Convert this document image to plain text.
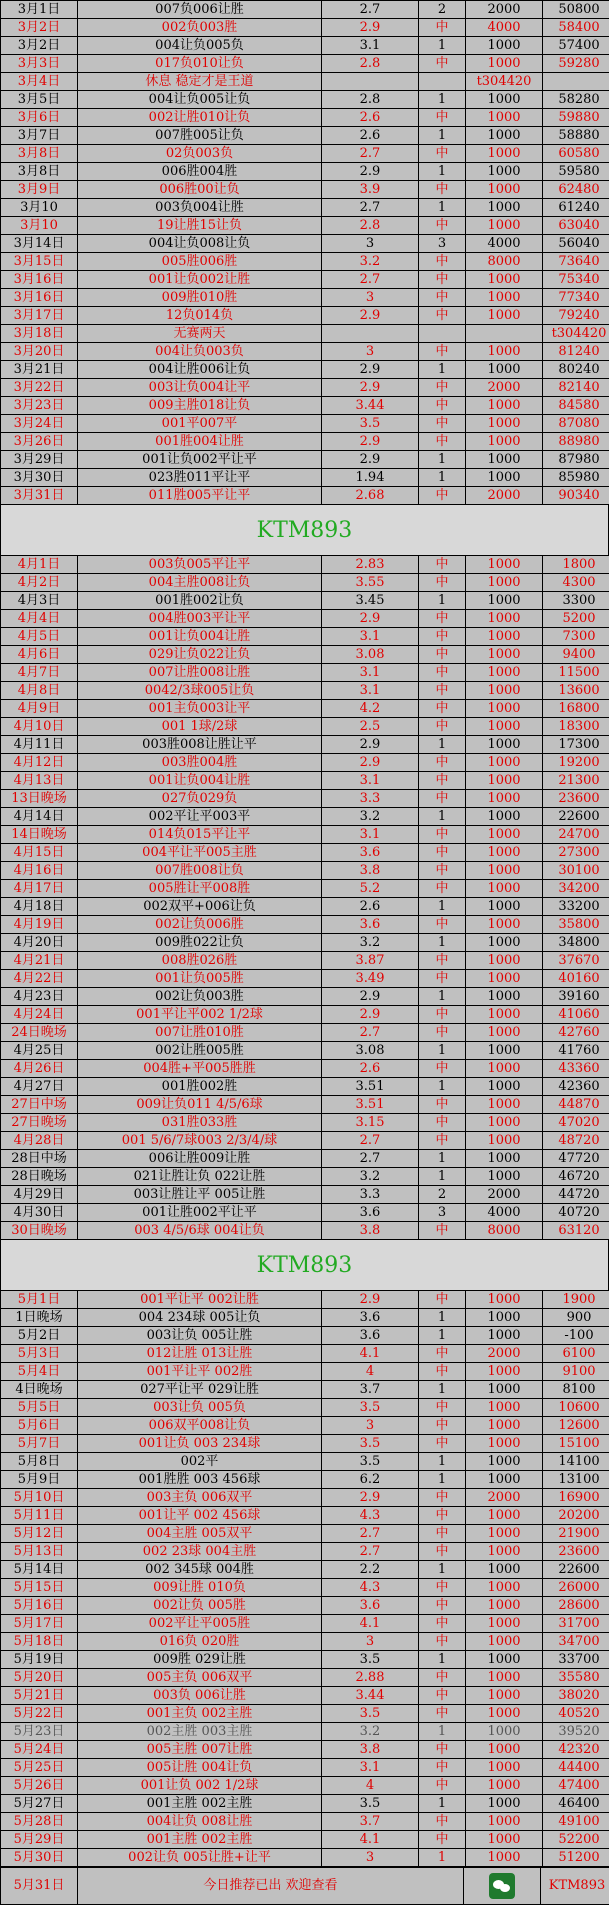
3月1日	007负006让胜	2.7	2	2000	50800
3月2日	002负003胜	2.9	中	4000	58400
3月2日	004让负005负	3.1	1	1000	57400
3月3日	017负010让负	2.8	中	1000	59280
3月4日	休息 稳定才是王道			t304420	
3月5日	004让负005让负	2.8	1	1000	58280
3月6日	002让胜010让负	2.6	中	1000	59880
3月7日	007胜005让负	2.6	1	1000	58880
3月8日	02负003负	2.7	中	1000	60580
3月8日	006胜004胜	2.9	1	1000	59580
3月9日	006胜00让负	3.9	中	1000	62480
3月10	003负004让胜	2.7	1	1000	61240
3月10	19让胜15让负	2.8	中	1000	63040
3月14日	004让负008让负	3	3	4000	56040
3月15日	005胜006胜	3.2	中	8000	73640
3月16日	001让负002让胜	2.7	中	1000	75340
3月16日	009胜010胜	3	中	1000	77340
3月17日	12负014负	2.9	中	1000	79240
3月18日	无赛两天				t304420
3月20日	004让负003负	3	中	1000	81240
3月21日	004让胜006让负	2.9	1	1000	80240
3月22日	003让负004让平	2.9	中	2000	82140
3月23日	009主胜018让负	3.44	中	1000	84580
3月24日	001平007平	3.5	中	1000	87080
3月26日	001胜004让胜	2.9	中	1000	88980
3月29日	001让负002平让平	2.9	1	1000	87980
3月30日	023胜011平让平	1.94	1	1000	85980
3月31日	011胜005平让平	2.68	中	2000	90340
KTM893
4月1日	003负005平让平	2.83	中	1000	1800
4月2日	004主胜008让负	3.55	中	1000	4300
4月3日	001胜002让负	3.45	1	1000	3300
4月4日	004胜003平让平	2.9	中	1000	5200
4月5日	001让负004让胜	3.1	中	1000	7300
4月6日	029让负022让负	3.08	中	1000	9400
4月7日	007让胜008让胜	3.1	中	1000	11500
4月8日	0042/3球005让负	3.1	中	1000	13600
4月9日	001主负003让平	4.2	中	1000	16800
4月10日	001 1球/2球	2.5	中	1000	18300
4月11日	003胜008让胜让平	2.9	1	1000	17300
4月12日	003胜004胜	2.9	中	1000	19200
4月13日	001让负004让胜	3.1	中	1000	21300
13日晚场	027负029负	3.3	中	1000	23600
4月14日	002平让平003平	3.2	1	1000	22600
14日晚场	014负015平让平	3.1	中	1000	24700
4月15日	004平让平005主胜	3.6	中	1000	27300
4月16日	007胜008让负	3.8	中	1000	30100
4月17日	005胜让平008胜	5.2	中	1000	34200
4月18日	002双平+006让负	2.6	1	1000	33200
4月19日	002让负006胜	3.6	中	1000	35800
4月20日	009胜022让负	3.2	1	1000	34800
4月21日	008胜026胜	3.87	中	1000	37670
4月22日	001让负005胜	3.49	中	1000	40160
4月23日	002让负003胜	2.9	1	1000	39160
4月24日	001平让平002 1/2球	2.9	中	1000	41060
24日晚场	007让胜010胜	2.7	中	1000	42760
4月25日	002让胜005胜	3.08	1	1000	41760
4月26日	004胜+平005胜胜	2.6	中	1000	43360
4月27日	001胜002胜	3.51	1	1000	42360
27日中场	009让负011 4/5/6球	3.51	中	1000	44870
27日晚场	031胜033胜	3.15	中	1000	47020
4月28日	001 5/6/7球003 2/3/4/球	2.7	中	1000	48720
28日中场	006让胜009让胜	2.7	1	1000	47720
28日晚场	021让胜让负 022让胜	3.2	1	1000	46720
4月29日	003让胜让平 005让胜	3.3	2	2000	44720
4月30日	001让胜002平让平	3.6	3	4000	40720
30日晚场	003 4/5/6球 004让负	3.8	中	8000	63120
KTM893
5月1日	001平让平 002让胜	2.9	中	1000	1900
1日晚场	004 234球 005让负	3.6	1	1000	900
5月2日	003让负 005让胜	3.6	1	1000	-100
5月3日	012让胜 013让胜	4.1	中	2000	6100
5月4日	001平让平 002胜	4	中	1000	9100
4日晚场	027平让平 029让胜	3.7	1	1000	8100
5月5日	003让负 005负	3.5	中	1000	10600
5月6日	006双平008让负	3	中	1000	12600
5月7日	001让负 003 234球	3.5	中	1000	15100
5月8日	002平	3.5	1	1000	14100
5月9日	001胜胜 003 456球	6.2	1	1000	13100
5月10日	003主负 006双平	2.9	中	2000	16900
5月11日	001让平 002 456球	4.3	中	1000	20200
5月12日	004主胜 005双平	2.7	中	1000	21900
5月13日	002 23球 004主胜	2.7	中	1000	23600
5月14日	002 345球 004胜	2.2	1	1000	22600
5月15日	009让胜 010负	4.3	中	1000	26000
5月16日	002让负 005胜	3.6	中	1000	28600
5月17日	002平让平005胜	4.1	中	1000	31700
5月18日	016负 020胜	3	中	1000	34700
5月19日	009胜 029让胜	3.5	1	1000	33700
5月20日	005主负 006双平	2.88	中	1000	35580
5月21日	003负 006让胜	3.44	中	1000	38020
5月22日	001主负 002主胜	3.5	中	1000	40520
5月23日	002主胜 003主胜	3.2	1	1000	39520
5月24日	005主胜 007让胜	3.8	中	1000	42320
5月25日	005让胜 004让负	3.1	中	1000	44400
5月26日	001让负 002 1/2球	4	中	1000	47400
5月27日	001主胜 002主胜	3.5	1	1000	46400
5月28日	004让负 008让胜	3.7	中	1000	49100
5月29日	001主胜 002主胜	4.1	中	1000	52200
5月30日	002让负 005让胜+让平	3	1	1000	51200
5月31日	今日推荐已出 欢迎查看		KTM893
